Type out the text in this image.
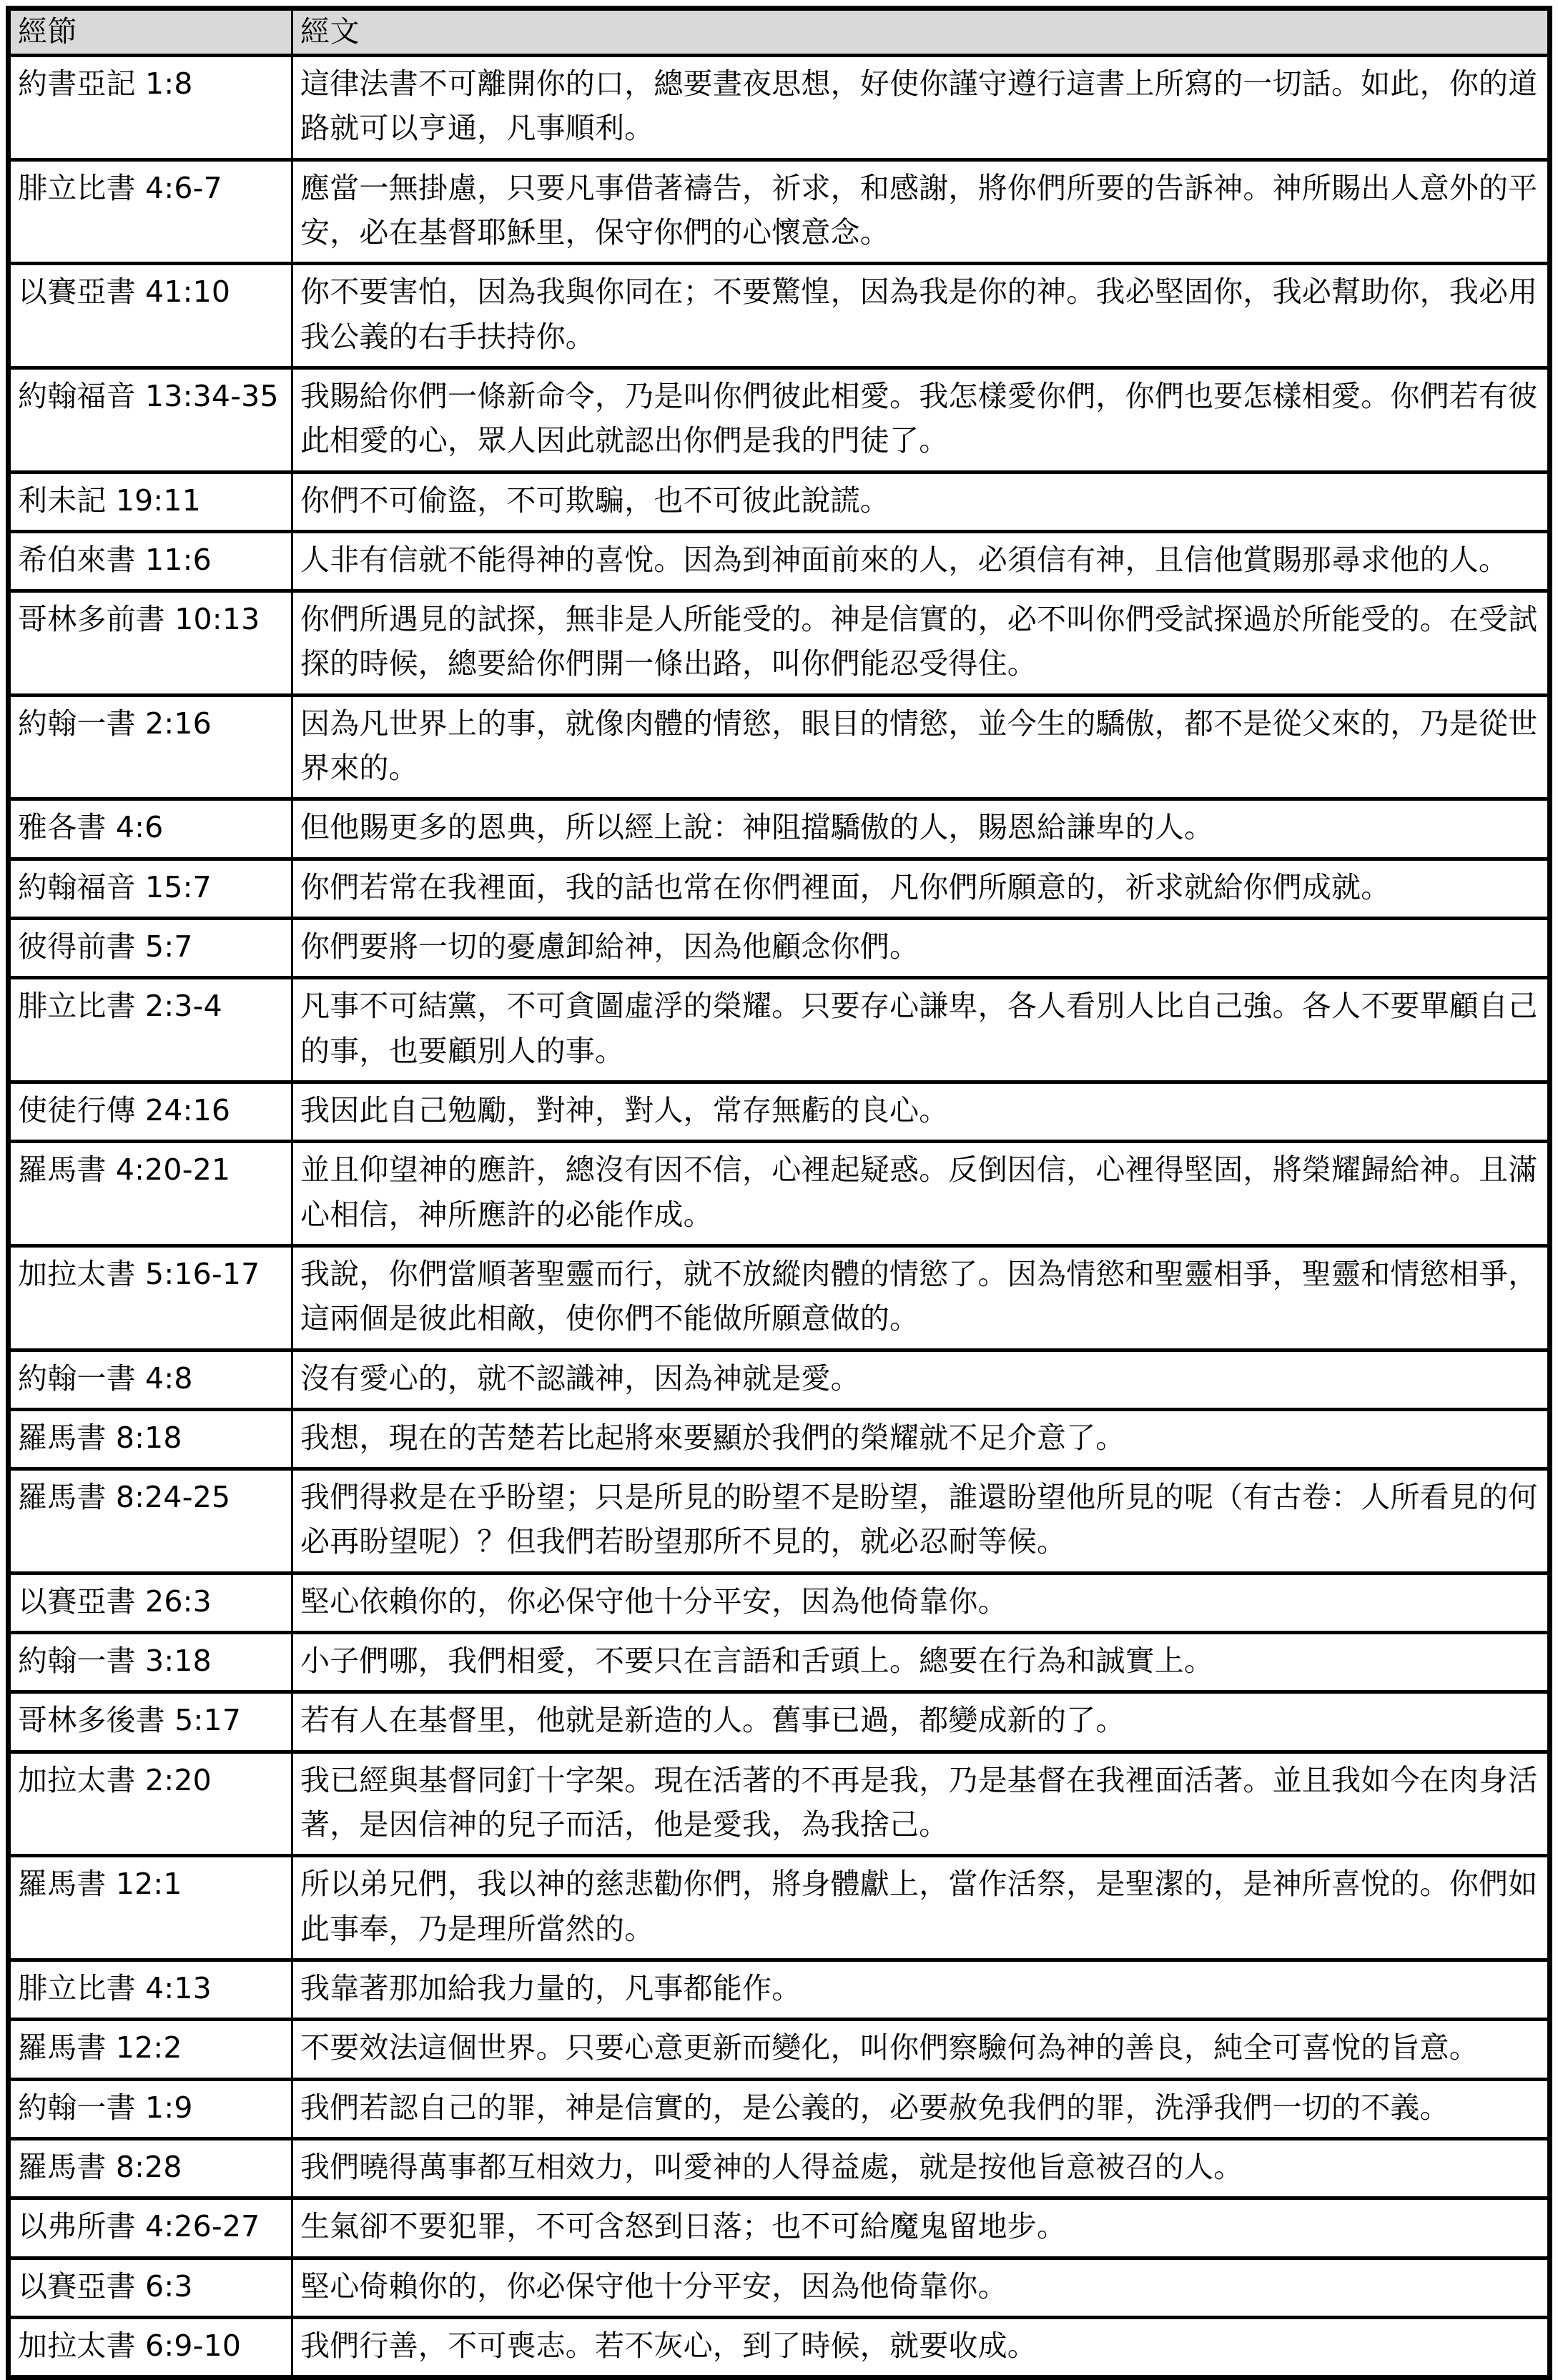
經節	經文
約書亞記 1:8	這律法書不可離開你的口，總要晝夜思想，好使你謹守遵行這書上所寫的一切話。如此，你的道路就可以亨通，凡事順利。
腓立比書 4:6-7	應當一無掛慮，只要凡事借著禱告，祈求，和感謝，將你們所要的告訴神。神所賜出人意外的平安，必在基督耶穌里，保守你們的心懷意念。
以賽亞書 41:10	你不要害怕，因為我與你同在；不要驚惶，因為我是你的神。我必堅固你，我必幫助你，我必用我公義的右手扶持你。
約翰福音 13:34-35	我賜給你們一條新命令，乃是叫你們彼此相愛。我怎樣愛你們，你們也要怎樣相愛。你們若有彼此相愛的心，眾人因此就認出你們是我的門徒了。
利未記 19:11	你們不可偷盜，不可欺騙，也不可彼此說謊。
希伯來書 11:6	人非有信就不能得神的喜悅。因為到神面前來的人，必須信有神，且信他賞賜那尋求他的人。
哥林多前書 10:13	你們所遇見的試探，無非是人所能受的。神是信實的，必不叫你們受試探過於所能受的。在受試探的時候，總要給你們開一條出路，叫你們能忍受得住。
約翰一書 2:16	因為凡世界上的事，就像肉體的情慾，眼目的情慾，並今生的驕傲，都不是從父來的，乃是從世界來的。
雅各書 4:6	但他賜更多的恩典，所以經上說：神阻擋驕傲的人，賜恩給謙卑的人。
約翰福音 15:7	你們若常在我裡面，我的話也常在你們裡面，凡你們所願意的，祈求就給你們成就。
彼得前書 5:7	你們要將一切的憂慮卸給神，因為他顧念你們。
腓立比書 2:3-4	凡事不可結黨，不可貪圖虛浮的榮耀。只要存心謙卑，各人看別人比自己強。各人不要單顧自己的事，也要顧別人的事。
使徒行傳 24:16	我因此自己勉勵，對神，對人，常存無虧的良心。
羅馬書 4:20-21	並且仰望神的應許，總沒有因不信，心裡起疑惑。反倒因信，心裡得堅固，將榮耀歸給神。且滿心相信，神所應許的必能作成。
加拉太書 5:16-17	我說，你們當順著聖靈而行，就不放縱肉體的情慾了。因為情慾和聖靈相爭，聖靈和情慾相爭，這兩個是彼此相敵，使你們不能做所願意做的。
約翰一書 4:8	沒有愛心的，就不認識神，因為神就是愛。
羅馬書 8:18	我想，現在的苦楚若比起將來要顯於我們的榮耀就不足介意了。
羅馬書 8:24-25	我們得救是在乎盼望；只是所見的盼望不是盼望，誰還盼望他所見的呢（有古卷：人所看見的何必再盼望呢）？但我們若盼望那所不見的，就必忍耐等候。
以賽亞書 26:3	堅心依賴你的，你必保守他十分平安，因為他倚靠你。
約翰一書 3:18	小子們哪，我們相愛，不要只在言語和舌頭上。總要在行為和誠實上。
哥林多後書 5:17	若有人在基督里，他就是新造的人。舊事已過，都變成新的了。
加拉太書 2:20	我已經與基督同釘十字架。現在活著的不再是我，乃是基督在我裡面活著。並且我如今在肉身活著，是因信神的兒子而活，他是愛我，為我捨己。
羅馬書 12:1	所以弟兄們，我以神的慈悲勸你們，將身體獻上，當作活祭，是聖潔的，是神所喜悅的。你們如此事奉，乃是理所當然的。
腓立比書 4:13	我靠著那加給我力量的，凡事都能作。
羅馬書 12:2	不要效法這個世界。只要心意更新而變化，叫你們察驗何為神的善良，純全可喜悅的旨意。
約翰一書 1:9	我們若認自己的罪，神是信實的，是公義的，必要赦免我們的罪，洗淨我們一切的不義。
羅馬書 8:28	我們曉得萬事都互相效力，叫愛神的人得益處，就是按他旨意被召的人。
以弗所書 4:26-27	生氣卻不要犯罪，不可含怒到日落；也不可給魔鬼留地步。
以賽亞書 6:3	堅心倚賴你的，你必保守他十分平安，因為他倚靠你。
加拉太書 6:9-10	我們行善，不可喪志。若不灰心，到了時候，就要收成。
